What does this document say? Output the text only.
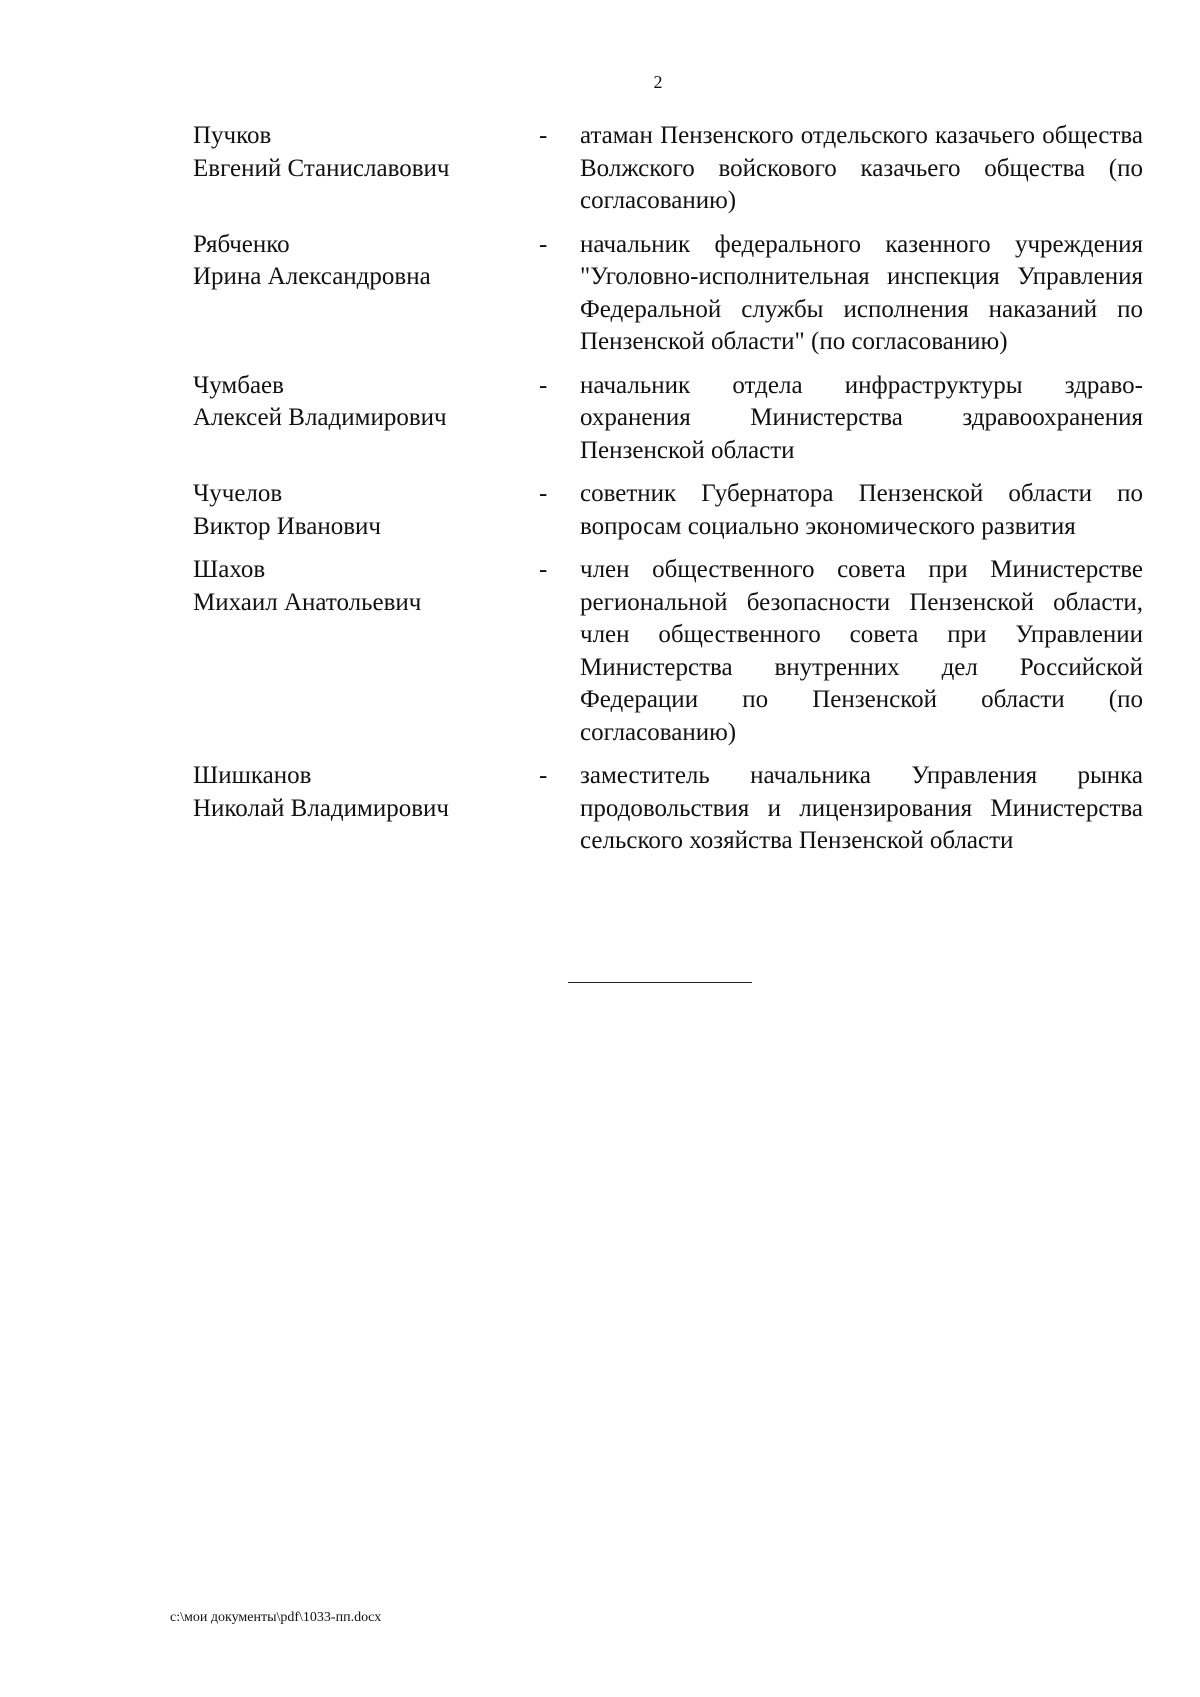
2
Пучков
Евгений Станиславович
-	атаман Пензенского отдельского казачьего общества Волжского войскового казачьего общества (по согласованию)
Рябченко
Ирина Александровна
-	начальник федерального казенного учреждения "Уголовно-исполнительная инспекция Управления Федеральной службы исполнения наказаний по Пензенской области" (по согласованию)
Чумбаев
Алексей Владимирович
-	начальник отдела инфраструктуры здраво-охранения Министерства здравоохранения Пензенской области
Чучелов
Виктор Иванович
-	советник Губернатора Пензенской области по вопросам социально экономического развития
Шахов
Михаил Анатольевич
-	член общественного совета при Министерстве региональной безопасности Пензенской области, член общественного совета при Управлении Министерства внутренних дел Российской Федерации по Пензенской области (по согласованию)
Шишканов
Николай Владимирович
-	заместитель начальника Управления рынка продовольствия и лицензирования Министерства сельского хозяйства Пензенской области
c:\мои документы\pdf\1033-пп.docx
